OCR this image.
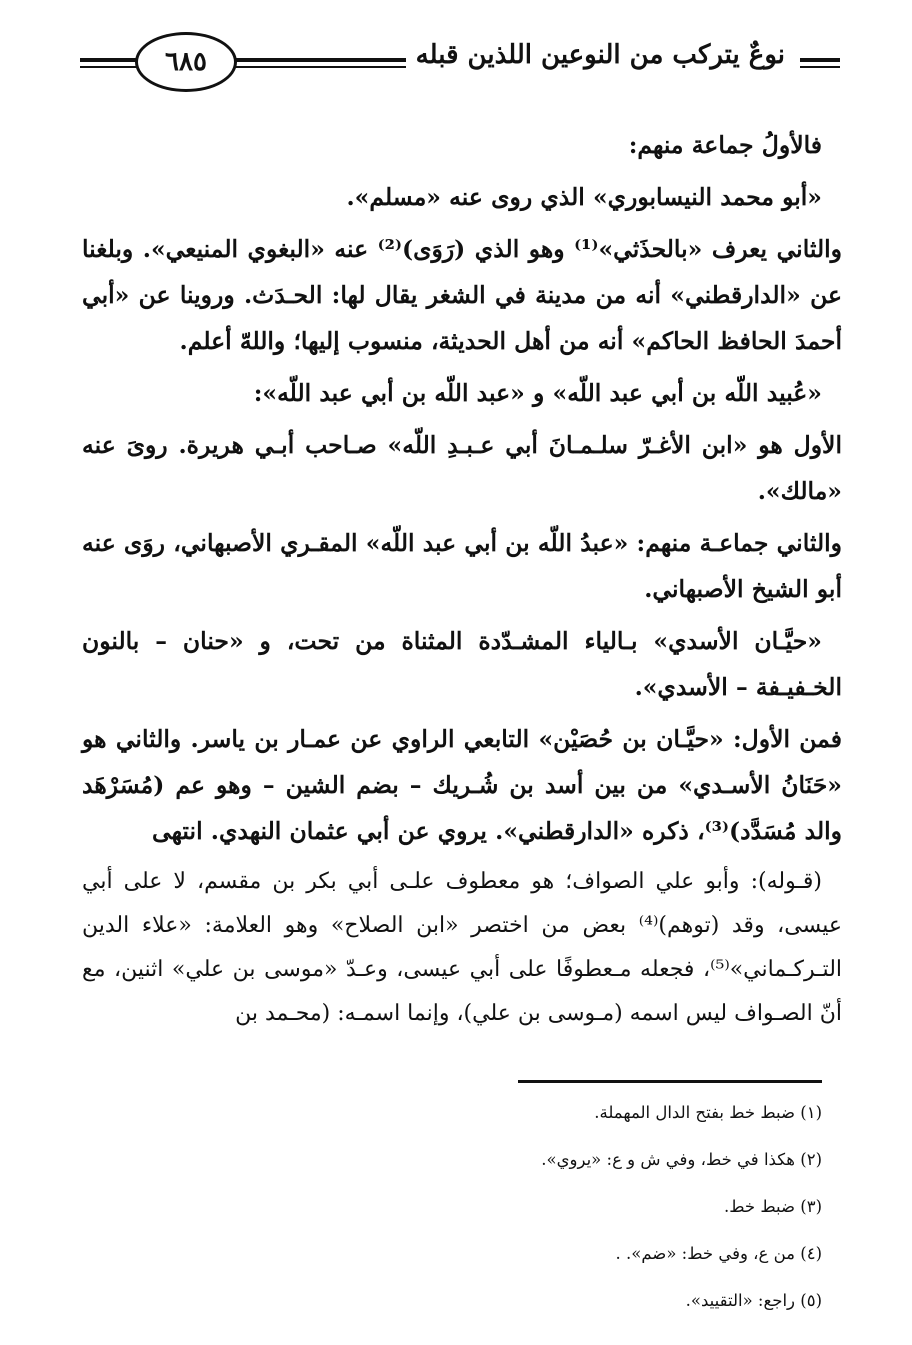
نوعٌ يتركب من النوعين اللذين قبله
٦٨٥

فالأولُ جماعة منهم:

«أبو محمد النيسابوري» الذي روى عنه «مسلم».

والثاني يعرف «بالحذَثي»⁽¹⁾ وهو الذي (رَوَى)⁽²⁾ عنه «البغوي المنيعي». وبلغنا عن «الدارقطني» أنه من مدينة في الشغر يقال لها: الحـدَث. وروينا عن «أبي أحمدَ الحافظ الحاكم» أنه من أهل الحديثة، منسوب إليها؛ واللهّ أعلم.

«عُبيد اللّه بن أبي عبد اللّه» و «عبد اللّه بن أبي عبد اللّه»:

الأول هو «ابن الأغـرّ سلـمـانَ أبي عـبـدِ اللّه» صـاحب أبـي هريرة. روىَ عنه «مالك».

والثاني جماعـة منهم: «عبدُ اللّه بن أبي عبد اللّه» المقـري الأصبهاني، روَى عنه أبو الشيخ الأصبهاني.

«حيَّـان الأسدي» بـالياء المشـدّدة المثناة من تحت، و «حنان – بالنون الخـفيـفة – الأسدي».

فمن الأول: «حيَّـان بن حُصَيْن» التابعي الراوي عن عمـار بن ياسر. والثاني هو «حَنَانُ الأسـدي» من بين أسد بن شُـريك – بضم الشين – وهو عم (مُسَرْهَد والد مُسَدَّد)⁽³⁾، ذكره «الدارقطني». يروي عن أبي عثمان النهدي. انتهى

(قـوله): وأبو علي الصواف؛ هو معطوف علـى أبي بكر بن مقسم، لا على أبي عيسى، وقد (توهم)⁽⁴⁾ بعض من اختصر «ابن الصلاح» وهو العلامة: «علاء الدين التـركـماني»⁽⁵⁾، فجعله مـعطوفًا على أبي عيسى، وعـدّ «موسى بن علي» اثنين، مع أنّ الصـواف ليس اسمه (مـوسى بن علي)، وإنما اسمـه: (محـمد بن

(١) ضبط خط بفتح الدال المهملة.
(٢) هكذا في خط، وفي ش و ع: «يروي».
(٣) ضبط خط.
(٤) من ع، وفي خط: «ضم». .
(٥) راجع: «التقييد».
